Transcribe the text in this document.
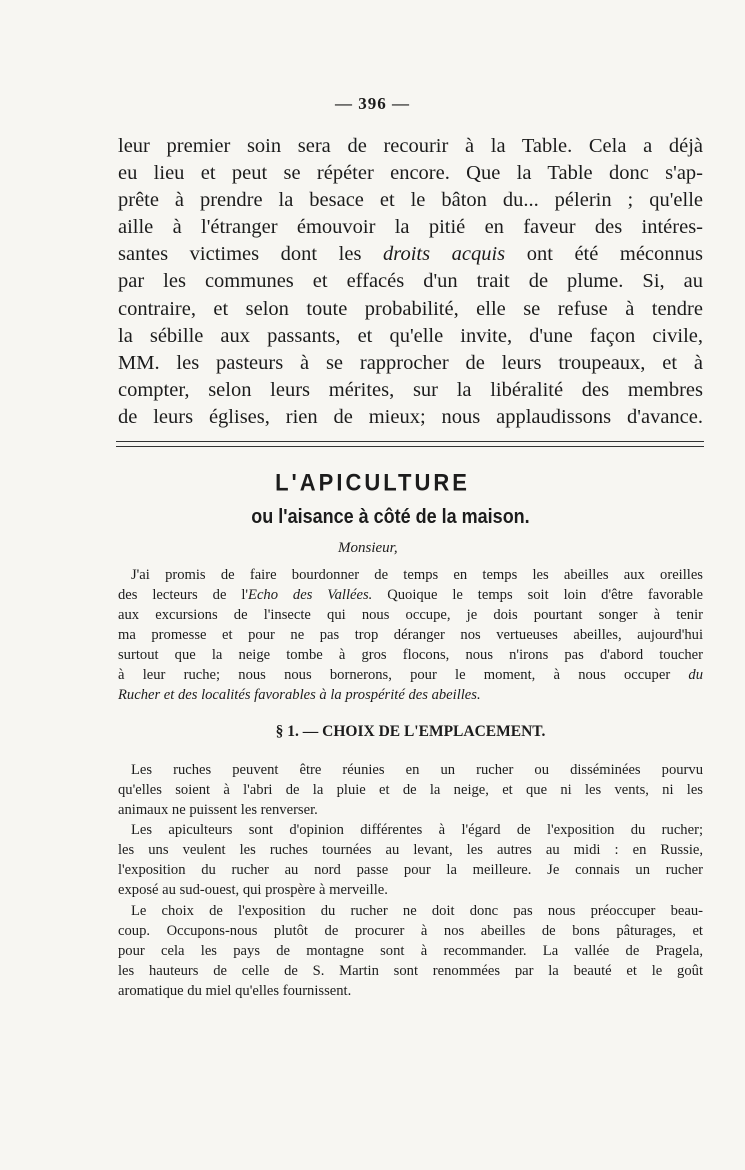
— 396 —
leur premier soin sera de recourir à la Table. Cela a déjà
eu lieu et peut se répéter encore. Que la Table donc s'ap-
prête à prendre la besace et le bâton du... pélerin ; qu'elle
aille à l'étranger émouvoir la pitié en faveur des intéres-
santes victimes dont les droits acquis ont été méconnus
par les communes et effacés d'un trait de plume. Si, au
contraire, et selon toute probabilité, elle se refuse à tendre
la sébille aux passants, et qu'elle invite, d'une façon civile,
MM. les pasteurs à se rapprocher de leurs troupeaux, et à
compter, selon leurs mérites, sur la libéralité des membres
de leurs églises, rien de mieux; nous applaudissons d'avance.
L'APICULTURE
ou l'aisance à côté de la maison.
Monsieur,
J'ai promis de faire bourdonner de temps en temps les abeilles aux oreilles
des lecteurs de l'Echo des Vallées. Quoique le temps soit loin d'être favorable
aux excursions de l'insecte qui nous occupe, je dois pourtant songer à tenir
ma promesse et pour ne pas trop déranger nos vertueuses abeilles, aujourd'hui
surtout que la neige tombe à gros flocons, nous n'irons pas d'abord toucher
à leur ruche; nous nous bornerons, pour le moment, à nous occuper du
Rucher et des localités favorables à la prospérité des abeilles.
§ 1. — CHOIX DE L'EMPLACEMENT.
Les ruches peuvent être réunies en un rucher ou disséminées pourvu
qu'elles soient à l'abri de la pluie et de la neige, et que ni les vents, ni les
animaux ne puissent les renverser.
Les apiculteurs sont d'opinion différentes à l'égard de l'exposition du rucher;
les uns veulent les ruches tournées au levant, les autres au midi : en Russie,
l'exposition du rucher au nord passe pour la meilleure. Je connais un rucher
exposé au sud-ouest, qui prospère à merveille.
Le choix de l'exposition du rucher ne doit donc pas nous préoccuper beau-
coup. Occupons-nous plutôt de procurer à nos abeilles de bons pâturages, et
pour cela les pays de montagne sont à recommander. La vallée de Pragela,
les hauteurs de celle de S. Martin sont renommées par la beauté et le goût
aromatique du miel qu'elles fournissent.
